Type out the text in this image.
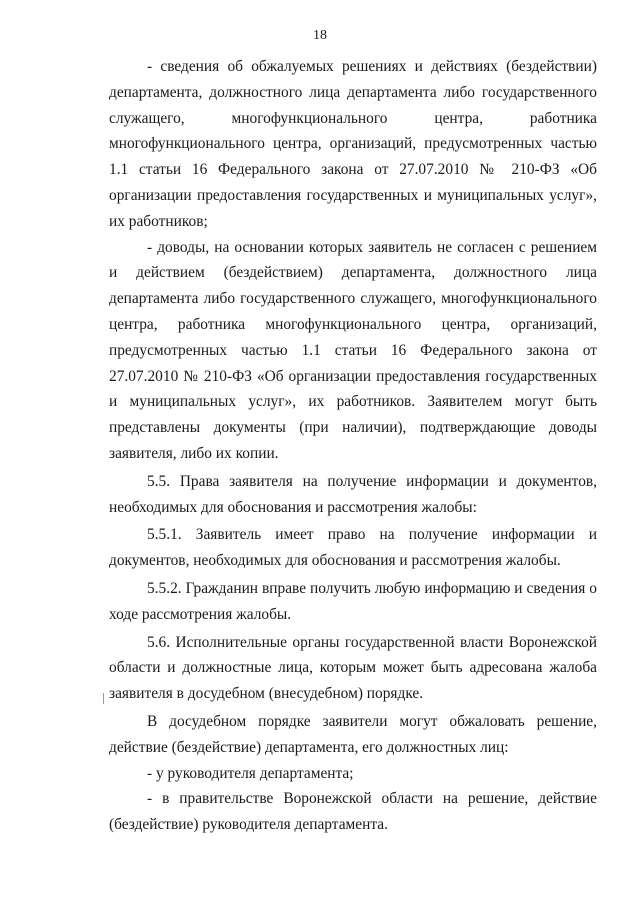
18

- сведения об обжалуемых решениях и действиях (бездействии) департамента, должностного лица департамента либо государственного служащего, многофункционального центра, работника многофункционального центра, организаций, предусмотренных частью 1.1 статьи 16 Федерального закона от 27.07.2010 № 210-ФЗ «Об организации предоставления государственных и муниципальных услуг», их работников;

- доводы, на основании которых заявитель не согласен с решением и действием (бездействием) департамента, должностного лица департамента либо государственного служащего, многофункционального центра, работника многофункционального центра, организаций, предусмотренных частью 1.1 статьи 16 Федерального закона от 27.07.2010 № 210-ФЗ «Об организации предоставления государственных и муниципальных услуг», их работников. Заявителем могут быть представлены документы (при наличии), подтверждающие доводы заявителя, либо их копии.

5.5. Права заявителя на получение информации и документов, необходимых для обоснования и рассмотрения жалобы:

5.5.1. Заявитель имеет право на получение информации и документов, необходимых для обоснования и рассмотрения жалобы.

5.5.2. Гражданин вправе получить любую информацию и сведения о ходе рассмотрения жалобы.

5.6. Исполнительные органы государственной власти Воронежской области и должностные лица, которым может быть адресована жалоба заявителя в досудебном (внесудебном) порядке.

В досудебном порядке заявители могут обжаловать решение, действие (бездействие) департамента, его должностных лиц:

- у руководителя департамента;

- в правительстве Воронежской области на решение, действие (бездействие) руководителя департамента.
